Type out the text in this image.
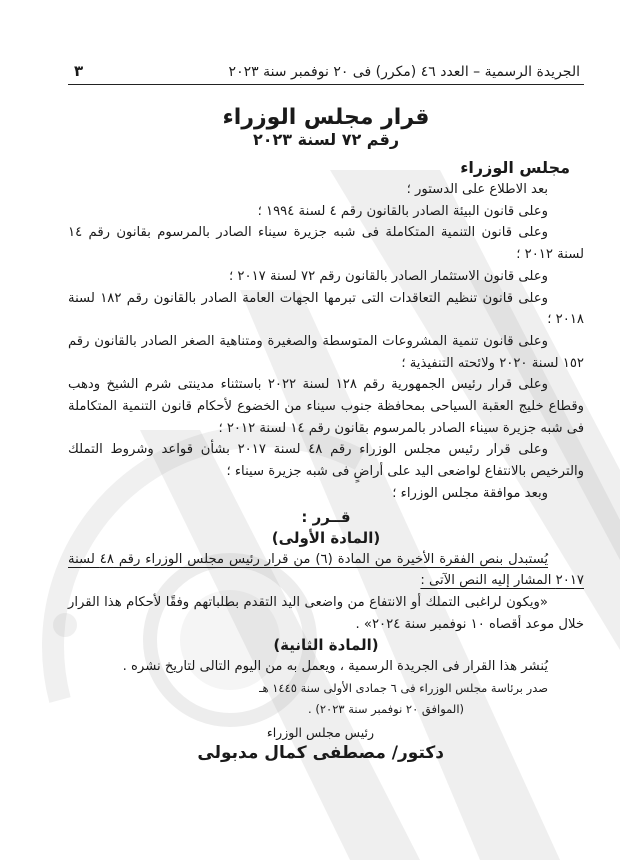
الجريدة الرسمية – العدد ٤٦ (مكرر) فى ٢٠ نوفمبر سنة ٢٠٢٣
٣
قرار مجلس الوزراء
رقم ٧٢ لسنة ٢٠٢٣
مجلس الوزراء
بعد الاطلاع على الدستور ؛
وعلى قانون البيئة الصادر بالقانون رقم ٤ لسنة ١٩٩٤ ؛
وعلى قانون التنمية المتكاملة فى شبه جزيرة سيناء الصادر بالمرسوم بقانون رقم ١٤ لسنة ٢٠١٢ ؛
وعلى قانون الاستثمار الصادر بالقانون رقم ٧٢ لسنة ٢٠١٧ ؛
وعلى قانون تنظيم التعاقدات التى تبرمها الجهات العامة الصادر بالقانون رقم ١٨٢ لسنة ٢٠١٨ ؛
وعلى قانون تنمية المشروعات المتوسطة والصغيرة ومتناهية الصغر الصادر بالقانون رقم ١٥٢ لسنة ٢٠٢٠ ولائحته التنفيذية ؛
وعلى قرار رئيس الجمهورية رقم ١٢٨ لسنة ٢٠٢٢ باستثناء مدينتى شرم الشيخ ودهب وقطاع خليج العقبة السياحى بمحافظة جنوب سيناء من الخضوع لأحكام قانون التنمية المتكاملة فى شبه جزيرة سيناء الصادر بالمرسوم بقانون رقم ١٤ لسنة ٢٠١٢ ؛
وعلى قرار رئيس مجلس الوزراء رقم ٤٨ لسنة ٢٠١٧ بشأن قواعد وشروط التملك والترخيص بالانتفاع لواضعى اليد على أراضٍ فى شبه جزيرة سيناء ؛
وبعد موافقة مجلس الوزراء ؛
قــرر :
(المادة الأولى)
يُستبدل بنص الفقرة الأخيرة من المادة (٦) من قرار رئيس مجلس الوزراء رقم ٤٨ لسنة ٢٠١٧ المشار إليه النص الآتى :
«ويكون لراغبى التملك أو الانتفاع من واضعى اليد التقدم بطلباتهم وفقًا لأحكام هذا القرار خلال موعد أقصاه ١٠ نوفمبر سنة ٢٠٢٤» .
(المادة الثانية)
يُنشر هذا القرار فى الجريدة الرسمية ، ويعمل به من اليوم التالى لتاريخ نشره .
صدر برئاسة مجلس الوزراء فى ٦ جمادى الأولى سنة ١٤٤٥ هـ
(الموافق ٢٠ نوفمبر سنة ٢٠٢٣) .
رئيس مجلس الوزراء
دكتور/ مصطفى كمال مدبولى
